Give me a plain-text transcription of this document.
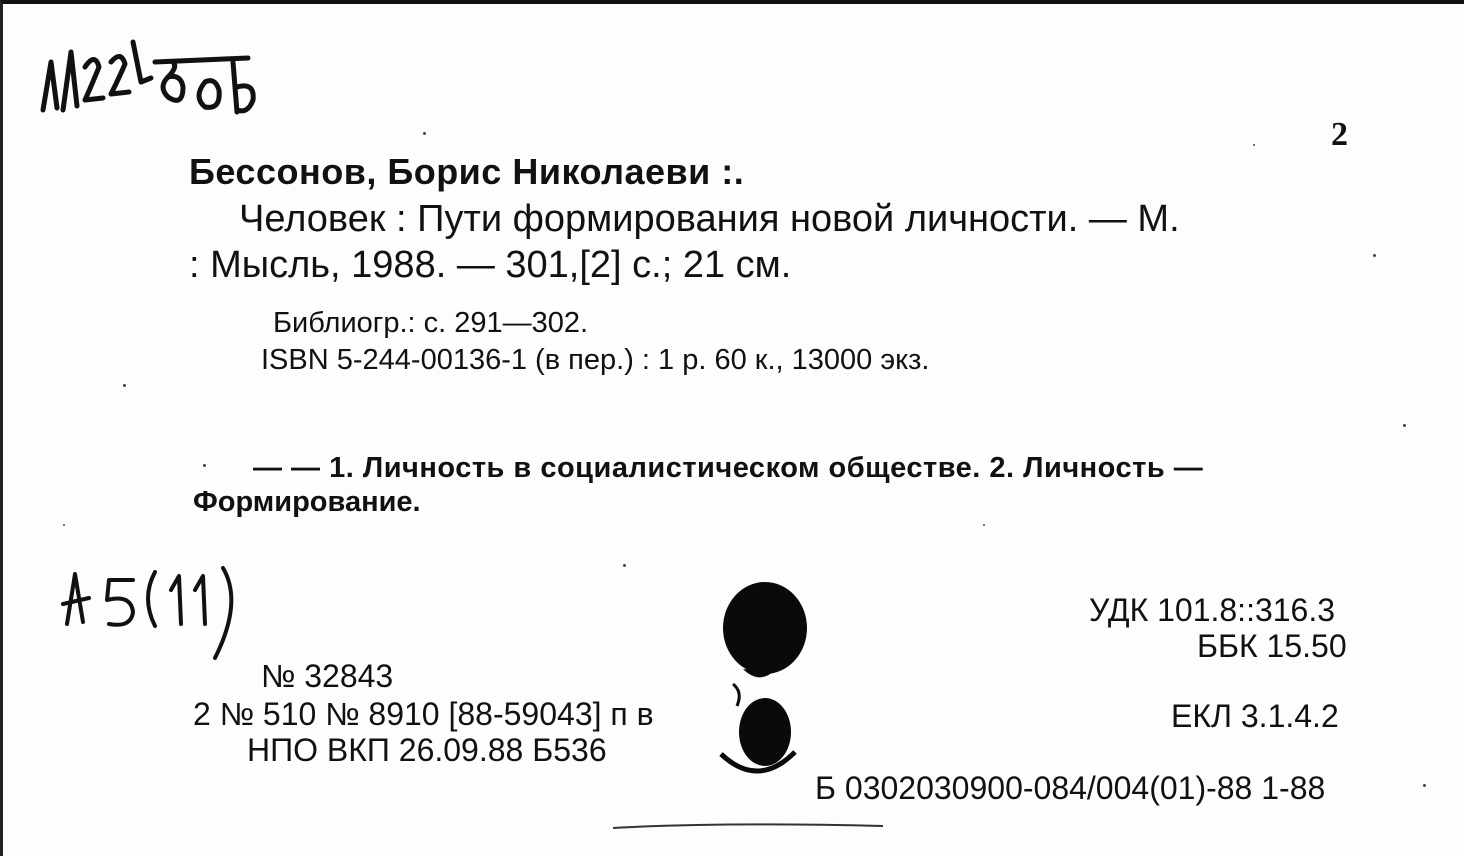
2
Бессонов, Борис Николаеви :.
Человек : Пути формирования новой личности. — М.
: Мысль, 1988. — 301,[2] с.; 21 см.
Библиогр.: с. 291—302.
ISBN 5-244-00136-1 (в пер.) : 1 р. 60 к., 13000 экз.
— — 1. Личность в социалистическом обществе. 2. Личность —
Формирование.
УДК 101.8::316.3
ББК 15.50
ЕКЛ 3.1.4.2
№ 32843
2 № 510 № 8910 [88-59043] п в
НПО ВКП 26.09.88 Б536
Б 0302030900-084/004(01)-88 1-88
